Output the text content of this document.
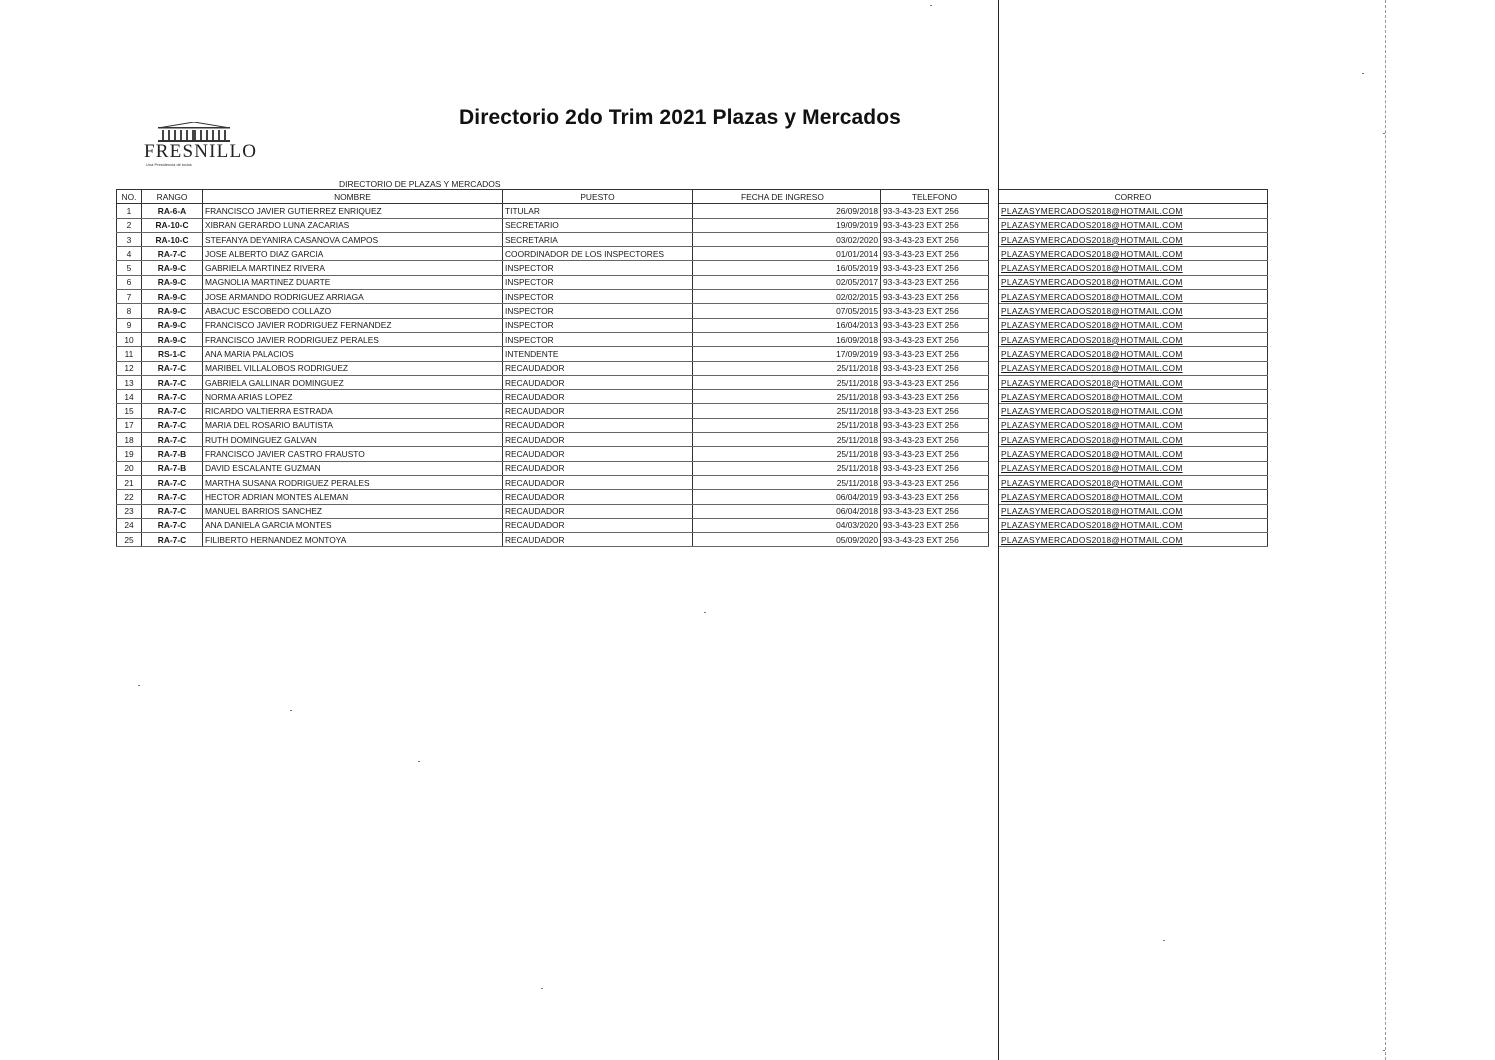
Directorio 2do Trim 2021 Plazas y Mercados
FRESNILLO
Una Presidencia de todos
DIRECTORIO DE PLAZAS Y MERCADOS
NO.	RANGO	NOMBRE	PUESTO	FECHA DE INGRESO	TELEFONO		CORREO
1	RA-6-A	FRANCISCO JAVIER GUTIERREZ ENRIQUEZ	TITULAR	26/09/2018	93-3-43-23 EXT 256		PLAZASYMERCADOS2018@HOTMAIL.COM
2	RA-10-C	XIBRAN GERARDO LUNA ZACARIAS	SECRETARIO	19/09/2019	93-3-43-23 EXT 256		PLAZASYMERCADOS2018@HOTMAIL.COM
3	RA-10-C	STEFANYA DEYANIRA CASANOVA CAMPOS	SECRETARIA	03/02/2020	93-3-43-23 EXT 256		PLAZASYMERCADOS2018@HOTMAIL.COM
4	RA-7-C	JOSE ALBERTO DIAZ GARCIA	COORDINADOR DE LOS INSPECTORES	01/01/2014	93-3-43-23 EXT 256		PLAZASYMERCADOS2018@HOTMAIL.COM
5	RA-9-C	GABRIELA MARTINEZ RIVERA	INSPECTOR	16/05/2019	93-3-43-23 EXT 256		PLAZASYMERCADOS2018@HOTMAIL.COM
6	RA-9-C	MAGNOLIA MARTINEZ DUARTE	INSPECTOR	02/05/2017	93-3-43-23 EXT 256		PLAZASYMERCADOS2018@HOTMAIL.COM
7	RA-9-C	JOSE ARMANDO RODRIGUEZ ARRIAGA	INSPECTOR	02/02/2015	93-3-43-23 EXT 256		PLAZASYMERCADOS2018@HOTMAIL.COM
8	RA-9-C	ABACUC ESCOBEDO COLLAZO	INSPECTOR	07/05/2015	93-3-43-23 EXT 256		PLAZASYMERCADOS2018@HOTMAIL.COM
9	RA-9-C	FRANCISCO JAVIER RODRIGUEZ FERNANDEZ	INSPECTOR	16/04/2013	93-3-43-23 EXT 256		PLAZASYMERCADOS2018@HOTMAIL.COM
10	RA-9-C	FRANCISCO JAVIER RODRIGUEZ PERALES	INSPECTOR	16/09/2018	93-3-43-23 EXT 256		PLAZASYMERCADOS2018@HOTMAIL.COM
11	RS-1-C	ANA MARIA PALACIOS	INTENDENTE	17/09/2019	93-3-43-23 EXT 256		PLAZASYMERCADOS2018@HOTMAIL.COM
12	RA-7-C	MARIBEL VILLALOBOS RODRIGUEZ	RECAUDADOR	25/11/2018	93-3-43-23 EXT 256		PLAZASYMERCADOS2018@HOTMAIL.COM
13	RA-7-C	GABRIELA GALLINAR DOMINGUEZ	RECAUDADOR	25/11/2018	93-3-43-23 EXT 256		PLAZASYMERCADOS2018@HOTMAIL.COM
14	RA-7-C	NORMA ARIAS LOPEZ	RECAUDADOR	25/11/2018	93-3-43-23 EXT 256		PLAZASYMERCADOS2018@HOTMAIL.COM
15	RA-7-C	RICARDO VALTIERRA ESTRADA	RECAUDADOR	25/11/2018	93-3-43-23 EXT 256		PLAZASYMERCADOS2018@HOTMAIL.COM
17	RA-7-C	MARIA DEL ROSARIO BAUTISTA	RECAUDADOR	25/11/2018	93-3-43-23 EXT 256		PLAZASYMERCADOS2018@HOTMAIL.COM
18	RA-7-C	RUTH DOMINGUEZ GALVAN	RECAUDADOR	25/11/2018	93-3-43-23 EXT 256		PLAZASYMERCADOS2018@HOTMAIL.COM
19	RA-7-B	FRANCISCO JAVIER CASTRO FRAUSTO	RECAUDADOR	25/11/2018	93-3-43-23 EXT 256		PLAZASYMERCADOS2018@HOTMAIL.COM
20	RA-7-B	DAVID ESCALANTE GUZMAN	RECAUDADOR	25/11/2018	93-3-43-23 EXT 256		PLAZASYMERCADOS2018@HOTMAIL.COM
21	RA-7-C	MARTHA SUSANA RODRIGUEZ PERALES	RECAUDADOR	25/11/2018	93-3-43-23 EXT 256		PLAZASYMERCADOS2018@HOTMAIL.COM
22	RA-7-C	HECTOR ADRIAN MONTES ALEMAN	RECAUDADOR	06/04/2019	93-3-43-23 EXT 256		PLAZASYMERCADOS2018@HOTMAIL.COM
23	RA-7-C	MANUEL BARRIOS SANCHEZ	RECAUDADOR	06/04/2018	93-3-43-23 EXT 256		PLAZASYMERCADOS2018@HOTMAIL.COM
24	RA-7-C	ANA DANIELA GARCIA MONTES	RECAUDADOR	04/03/2020	93-3-43-23 EXT 256		PLAZASYMERCADOS2018@HOTMAIL.COM
25	RA-7-C	FILIBERTO HERNANDEZ MONTOYA	RECAUDADOR	05/09/2020	93-3-43-23 EXT 256		PLAZASYMERCADOS2018@HOTMAIL.COM
